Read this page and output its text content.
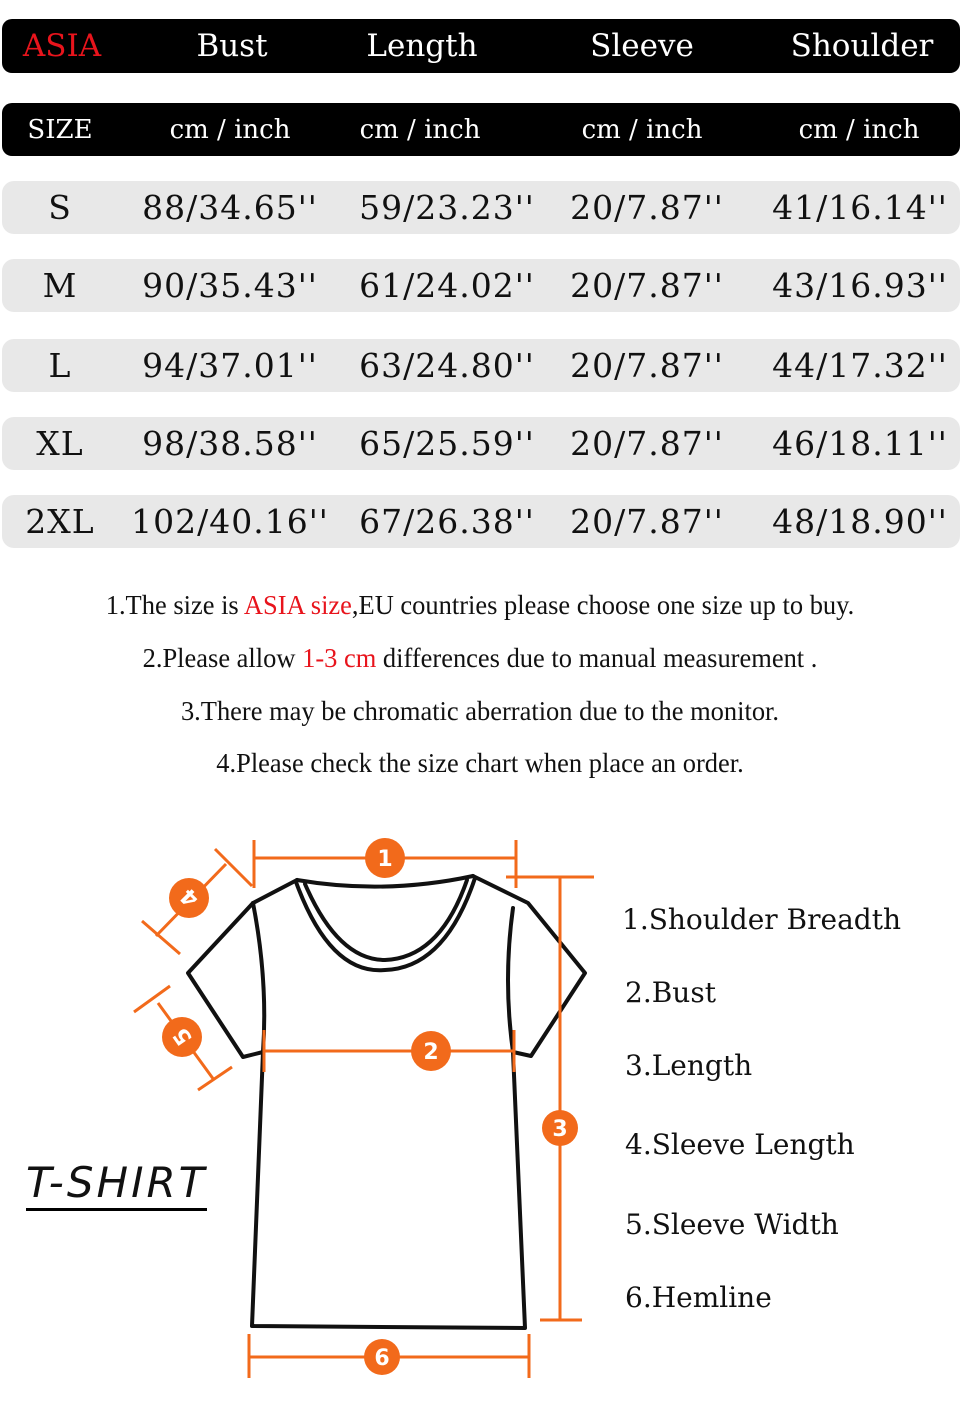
ASIA	Bust	Length	Sleeve	Shoulder
SIZE	cm / inch	cm / inch	cm / inch	cm / inch
S	88/34.65''	59/23.23''	20/7.87''	41/16.14''
M	90/35.43''	61/24.02''	20/7.87''	43/16.93''
L	94/37.01''	63/24.80''	20/7.87''	44/17.32''
XL	98/38.58''	65/25.59''	20/7.87''	46/18.11''
2XL	102/40.16'' 67/26.38''	20/7.87''	48/18.90''
1.The size is ASIA size,EU countries please choose one size up to buy.
2.Please allow 1-3 cm differences due to manual measurement .
3.There may be chromatic aberration due to the monitor.
4.Please check the size chart when place an order.
1
2
3
4
5
6
T-SHIRT
1.Shoulder Breadth
2.Bust
3.Length
4.Sleeve Length
5.Sleeve Width
6.Hemline
